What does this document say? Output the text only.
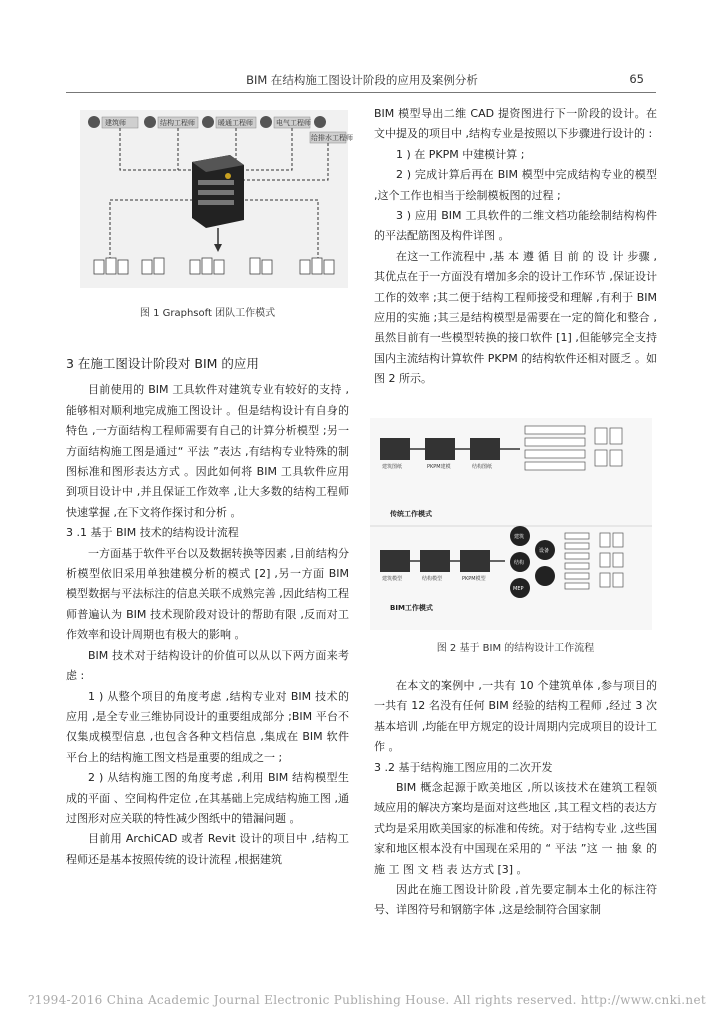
BIM 在结构施工图设计阶段的应用及案例分析	65
建筑师	结构工程师	暖通工程师	电气工程师
给排水工程师
图 1 Graphsoft 团队工作模式

3 在施工图设计阶段对 BIM 的应用

目前使用的 BIM 工具软件对建筑专业有较好的支持 ,能够相对顺利地完成施工图设计 。但是结构设计有自身的特色 ,一方面结构工程师需要有自己的计算分析模型 ;另一方面结构施工图是通过“ 平法 ”表达 ,有结构专业特殊的制图标准和图形表达方式 。因此如何将 BIM 工具软件应用到项目设计中 ,并且保证工作效率 ,让大多数的结构工程师快速掌握 ,在下文将作探讨和分析 。

3 .1 基于 BIM 技术的结构设计流程

一方面基于软件平台以及数据转换等因素 ,目前结构分析模型依旧采用单独建模分析的模式 [2] ,另一方面 BIM 模型数据与平法标注的信息关联不成熟完善 ,因此结构工程师普遍认为 BIM 技术现阶段对设计的帮助有限 ,反而对工作效率和设计周期也有极大的影响 。

BIM 技术对于结构设计的价值可以从以下两方面来考虑 :

1 ) 从整个项目的角度考虑 ,结构专业对 BIM 技术的应用 ,是全专业三维协同设计的重要组成部分 ;BIM 平台不仅集成模型信息 ,也包含各种文档信息 ,集成在 BIM 软件平台上的结构施工图文档是重要的组成之一 ;

2 ) 从结构施工图的角度考虑 ,利用 BIM 结构模型生成的平面 、空间构件定位 ,在其基础上完成结构施工图 ,通过图形对应关联的特性减少图纸中的错漏问题 。

目前用 ArchiCAD 或者 Revit 设计的项目中 ,结构工程师还是基本按照传统的设计流程 ,根据建筑

BIM 模型导出二维 CAD 提资图进行下一阶段的设计。在文中提及的项目中 ,结构专业是按照以下步骤进行设计的 :

1 ) 在 PKPM 中建模计算 ;

2 ) 完成计算后再在 BIM 模型中完成结构专业的模型 ,这个工作也相当于绘制模板图的过程 ;

3 ) 应用 BIM 工具软件的二维文档功能绘制结构构件的平法配筋图及构件详图 。

在这一工作流程中 ,基 本 遵 循 目 前 的 设 计 步骤 ,其优点在于一方面没有增加多余的设计工作环节 ,保证设计工作的效率 ;其二便于结构工程师接受和理解 ,有利于 BIM 应用的实施 ;其三是结构模型是需要在一定的简化和整合 ,虽然目前有一些模型转换的接口软件 [1] ,但能够完全支持国内主流结构计算软件 PKPM 的结构软件还相对匮乏 。如图 2 所示。

建筑图纸	PKPM建模	结构图纸
传统工作模式
建筑模型	结构模型	PKPM模型
建筑
结构
设备
MEP
BIM工作模式
图 2 基于 BIM 的结构设计工作流程

在本文的案例中 ,一共有 10 个建筑单体 ,参与项目的一共有 12 名没有任何 BIM 经验的结构工程师 ,经过 3 次基本培训 ,均能在甲方规定的设计周期内完成项目的设计工作 。

3 .2 基于结构施工图应用的二次开发

BIM 概念起源于欧美地区 ,所以该技术在建筑工程领域应用的解决方案均是面对这些地区 ,其工程文档的表达方式均是采用欧美国家的标准和传统。对于结构专业 ,这些国家和地区根本没有中国现在采用的 “ 平法 ”这 一 抽 象 的 施 工 图 文 档 表 达方式 [3] 。

因此在施工图设计阶段 ,首先要定制本土化的标注符号、详图符号和钢筋字体 ,这是绘制符合国家制

?1994-2016 China Academic Journal Electronic Publishing House. All rights reserved. http://www.cnki.net
